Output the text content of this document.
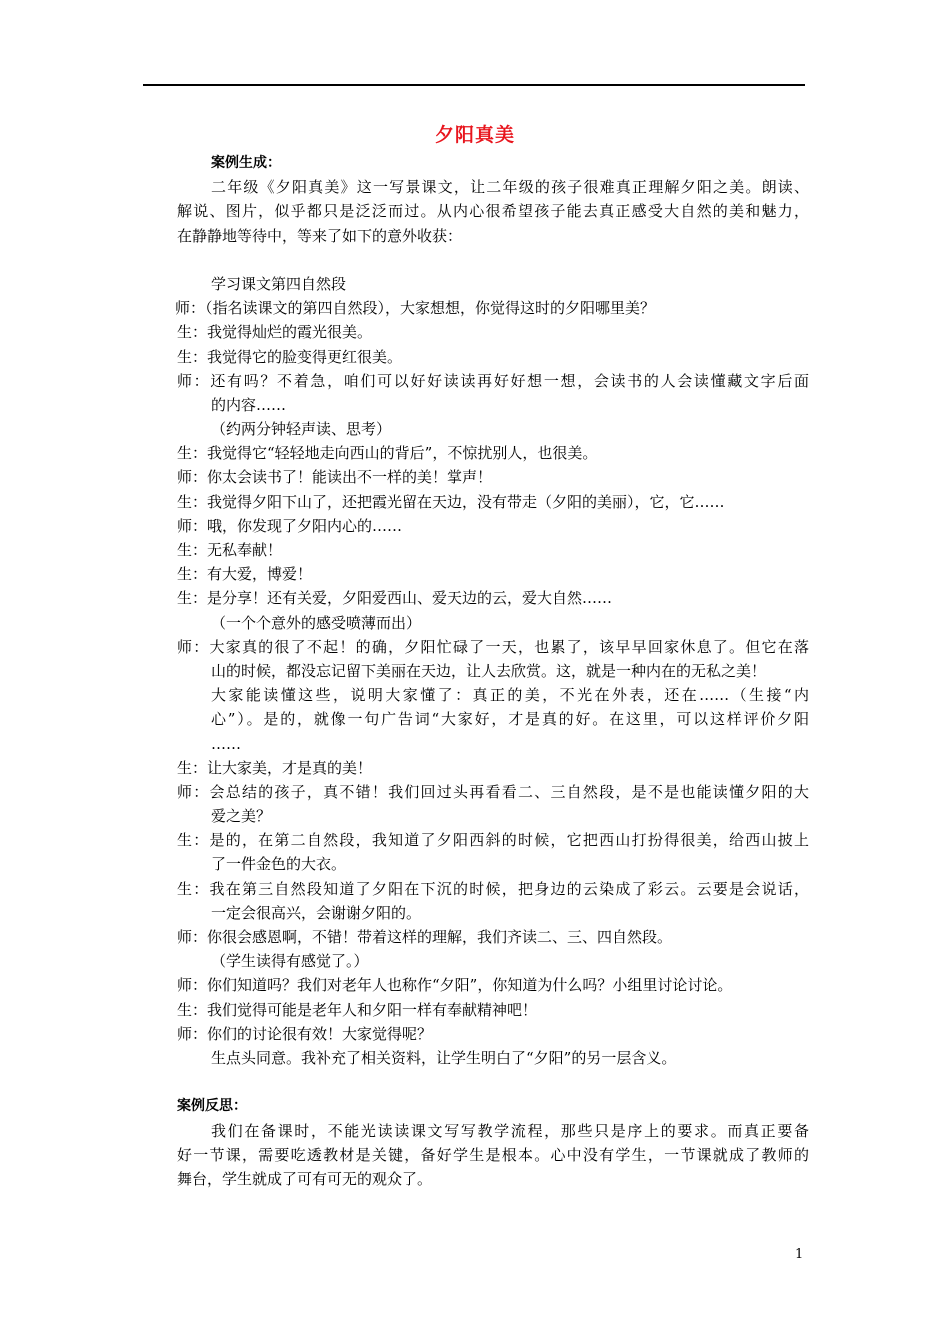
夕阳真美
案例生成：
二年级《夕阳真美》这一写景课文，让二年级的孩子很难真正理解夕阳之美。朗读、
解说、图片，似乎都只是泛泛而过。从内心很希望孩子能去真正感受大自然的美和魅力，
在静静地等待中，等来了如下的意外收获：
学习课文第四自然段
师：（指名读课文的第四自然段），大家想想，你觉得这时的夕阳哪里美？
生：我觉得灿烂的霞光很美。
生：我觉得它的脸变得更红很美。
师：还有吗？不着急，咱们可以好好读读再好好想一想，会读书的人会读懂藏文字后面
的内容……
（约两分钟轻声读、思考）
生：我觉得它“轻轻地走向西山的背后”，不惊扰别人，也很美。
师：你太会读书了！能读出不一样的美！掌声！
生：我觉得夕阳下山了，还把霞光留在天边，没有带走（夕阳的美丽），它，它……
师：哦，你发现了夕阳内心的……
生：无私奉献！
生：有大爱，博爱！
生：是分享！还有关爱，夕阳爱西山、爱天边的云，爱大自然……
（一个个意外的感受喷薄而出）
师：大家真的很了不起！的确，夕阳忙碌了一天，也累了，该早早回家休息了。但它在落
山的时候，都没忘记留下美丽在天边，让人去欣赏。这，就是一种内在的无私之美！
大家能读懂这些，说明大家懂了：真正的美，不光在外表，还在……（生接“内
心”）。是的，就像一句广告词“大家好，才是真的好。在这里，可以这样评价夕阳
……
生：让大家美，才是真的美！
师：会总结的孩子，真不错！我们回过头再看看二、三自然段，是不是也能读懂夕阳的大
爱之美？
生：是的，在第二自然段，我知道了夕阳西斜的时候，它把西山打扮得很美，给西山披上
了一件金色的大衣。
生：我在第三自然段知道了夕阳在下沉的时候，把身边的云染成了彩云。云要是会说话，
一定会很高兴，会谢谢夕阳的。
师：你很会感恩啊，不错！带着这样的理解，我们齐读二、三、四自然段。
（学生读得有感觉了。）
师：你们知道吗？我们对老年人也称作“夕阳”，你知道为什么吗？小组里讨论讨论。
生：我们觉得可能是老年人和夕阳一样有奉献精神吧！
师：你们的讨论很有效！大家觉得呢？
生点头同意。我补充了相关资料，让学生明白了“夕阳”的另一层含义。
案例反思：
我们在备课时，不能光读读课文写写教学流程，那些只是序上的要求。而真正要备
好一节课，需要吃透教材是关键，备好学生是根本。心中没有学生，一节课就成了教师的
舞台，学生就成了可有可无的观众了。
1
